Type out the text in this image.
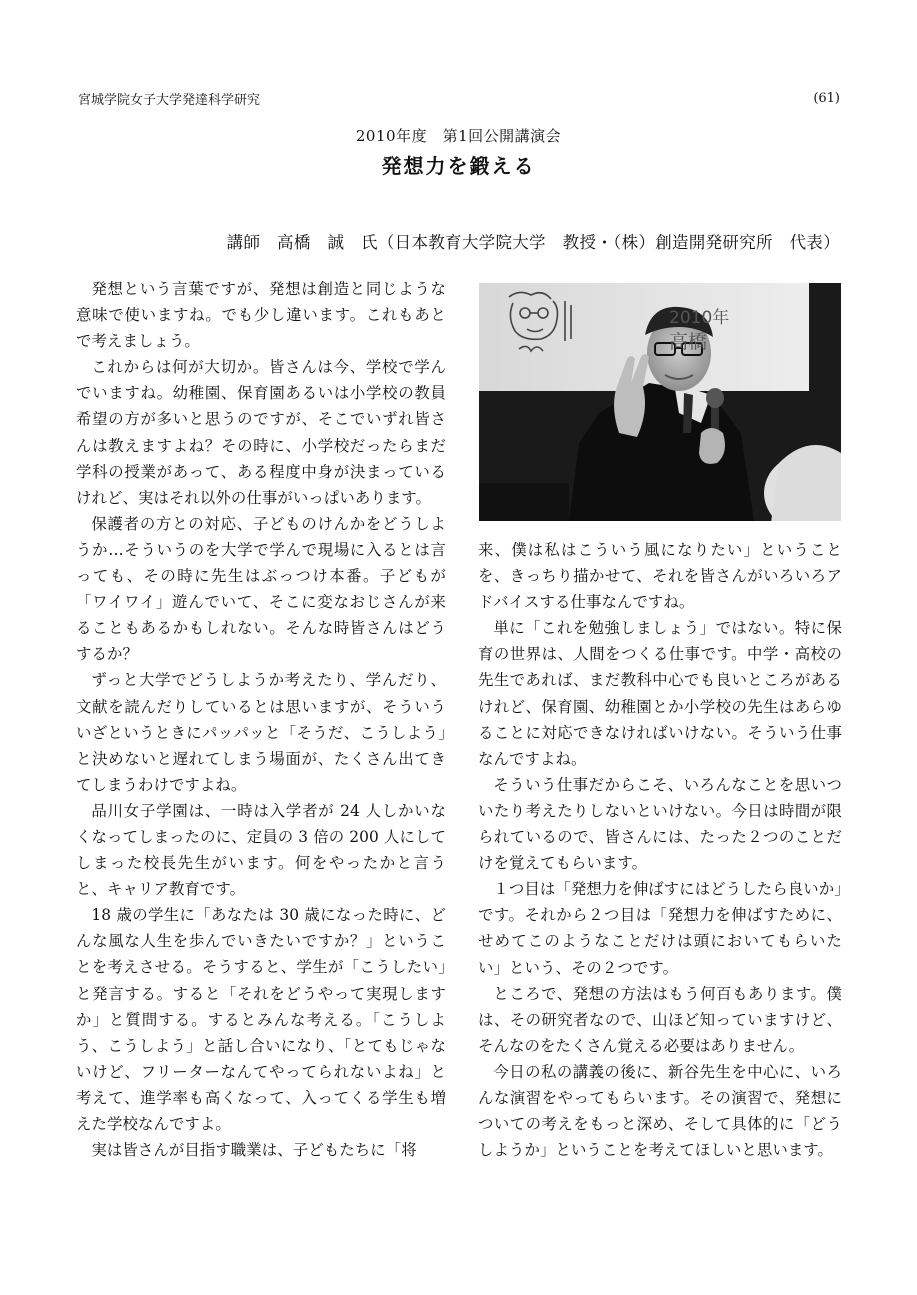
宮城学院女子大学発達科学研究	(61)
2010年度　第1回公開講演会
発想力を鍛える
講師　高橋　誠　氏（日本教育大学院大学　教授・（株）創造開発研究所　代表）

発想という言葉ですが、発想は創造と同じような意味で使いますね。でも少し違います。これもあとで考えましょう。

これからは何が大切か。皆さんは今、学校で学んでいますね。幼稚園、保育園あるいは小学校の教員希望の方が多いと思うのですが、そこでいずれ皆さんは教えますよね？その時に、小学校だったらまだ学科の授業があって、ある程度中身が決まっているけれど、実はそれ以外の仕事がいっぱいあります。

保護者の方との対応、子どものけんかをどうしようか…そういうのを大学で学んで現場に入るとは言っても、その時に先生はぶっつけ本番。子どもが「ワイワイ」遊んでいて、そこに変なおじさんが来ることもあるかもしれない。そんな時皆さんはどうするか？

ずっと大学でどうしようか考えたり、学んだり、文献を読んだりしているとは思いますが、そういういざというときにパッパッと「そうだ、こうしよう」と決めないと遅れてしまう場面が、たくさん出てきてしまうわけですよね。

品川女子学園は、一時は入学者が 24 人しかいなくなってしまったのに、定員の 3 倍の 200 人にしてしまった校長先生がいます。何をやったかと言うと、キャリア教育です。

18 歳の学生に「あなたは 30 歳になった時に、どんな風な人生を歩んでいきたいですか？」ということを考えさせる。そうすると、学生が「こうしたい」と発言する。すると「それをどうやって実現しますか」と質問する。するとみんな考える。「こうしよう、こうしよう」と話し合いになり、「とてもじゃないけど、フリーターなんてやってられないよね」と考えて、進学率も高くなって、入ってくる学生も増えた学校なんですよ。

実は皆さんが目指す職業は、子どもたちに「将

2010年
高橋

来、僕は私はこういう風になりたい」ということを、きっちり描かせて、それを皆さんがいろいろアドバイスする仕事なんですね。

単に「これを勉強しましょう」ではない。特に保育の世界は、人間をつくる仕事です。中学・高校の先生であれば、まだ教科中心でも良いところがあるけれど、保育園、幼稚園とか小学校の先生はあらゆることに対応できなければいけない。そういう仕事なんですよね。

そういう仕事だからこそ、いろんなことを思いついたり考えたりしないといけない。今日は時間が限られているので、皆さんには、たった２つのことだけを覚えてもらいます。

１つ目は「発想力を伸ばすにはどうしたら良いか」です。それから２つ目は「発想力を伸ばすために、せめてこのようなことだけは頭においてもらいたい」という、その２つです。

ところで、発想の方法はもう何百もあります。僕は、その研究者なので、山ほど知っていますけど、そんなのをたくさん覚える必要はありません。

今日の私の講義の後に、新谷先生を中心に、いろんな演習をやってもらいます。その演習で、発想についての考えをもっと深め、そして具体的に「どうしようか」ということを考えてほしいと思います。
